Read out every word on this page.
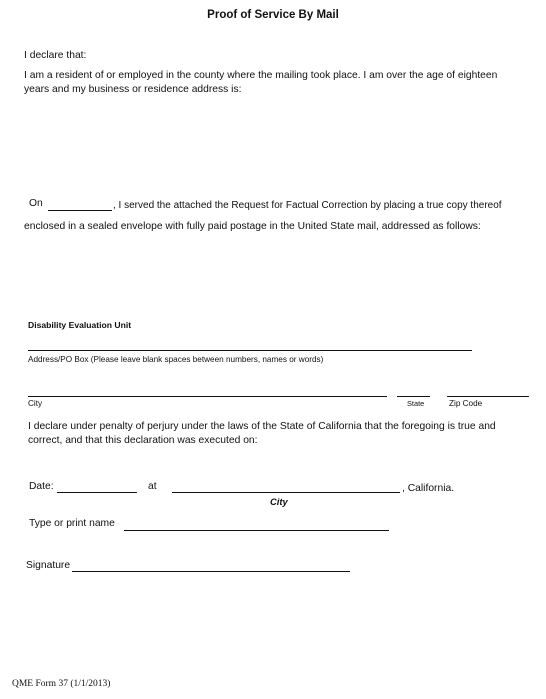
Proof of Service By Mail
I declare that:
I am a resident of or employed in the county where the mailing took place. I am over the age of eighteen
years and my business or residence address is:
On	, I served the attached the Request for Factual Correction by placing a true copy thereof
enclosed in a sealed envelope with fully paid postage in the United State mail, addressed as follows:
Disability Evaluation Unit
Address/PO Box (Please leave blank spaces between numbers, names or words)
City	State	Zip Code
I declare under penalty of perjury under the laws of the State of California that the foregoing is true and
correct, and that this declaration was executed on:
Date:	at	, California.
City
Type or print name
Signature
QME Form 37 (1/1/2013)
